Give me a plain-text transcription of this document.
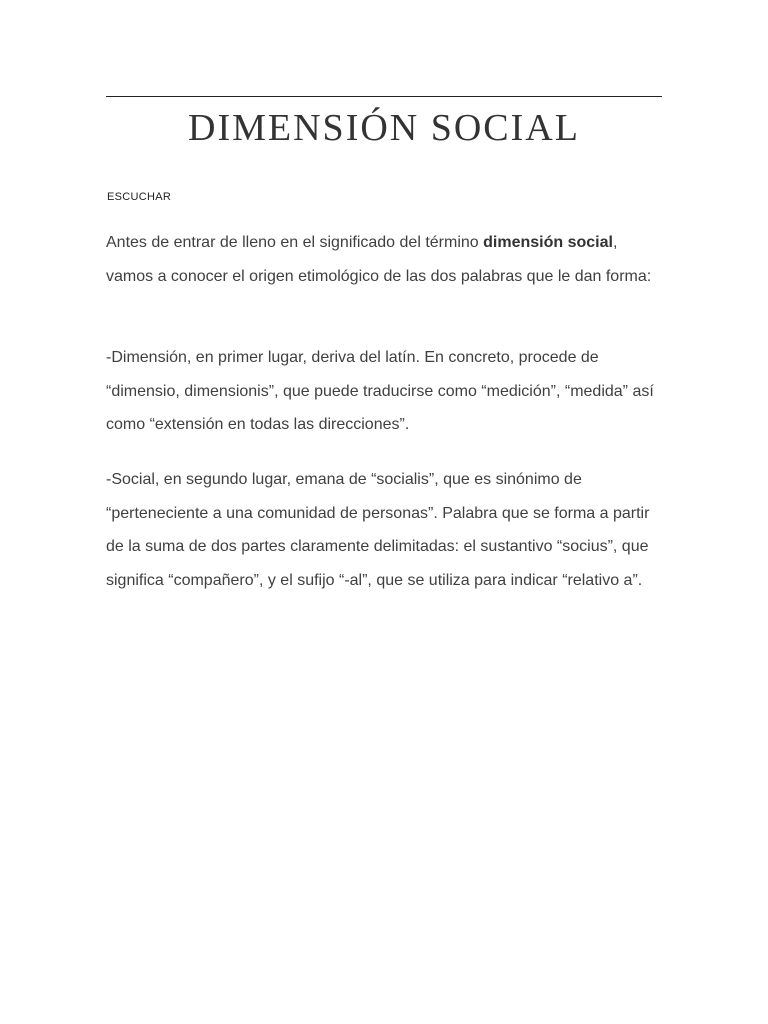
DIMENSIÓN SOCIAL
ESCUCHAR

Antes de entrar de lleno en el significado del término dimensión social, vamos a conocer el origen etimológico de las dos palabras que le dan forma:

-Dimensión, en primer lugar, deriva del latín. En concreto, procede de “dimensio, dimensionis”, que puede traducirse como “medición”, “medida” así como “extensión en todas las direcciones”.

-Social, en segundo lugar, emana de “socialis”, que es sinónimo de “perteneciente a una comunidad de personas”. Palabra que se forma a partir de la suma de dos partes claramente delimitadas: el sustantivo “socius”, que significa “compañero”, y el sufijo “-al”, que se utiliza para indicar “relativo a”.
